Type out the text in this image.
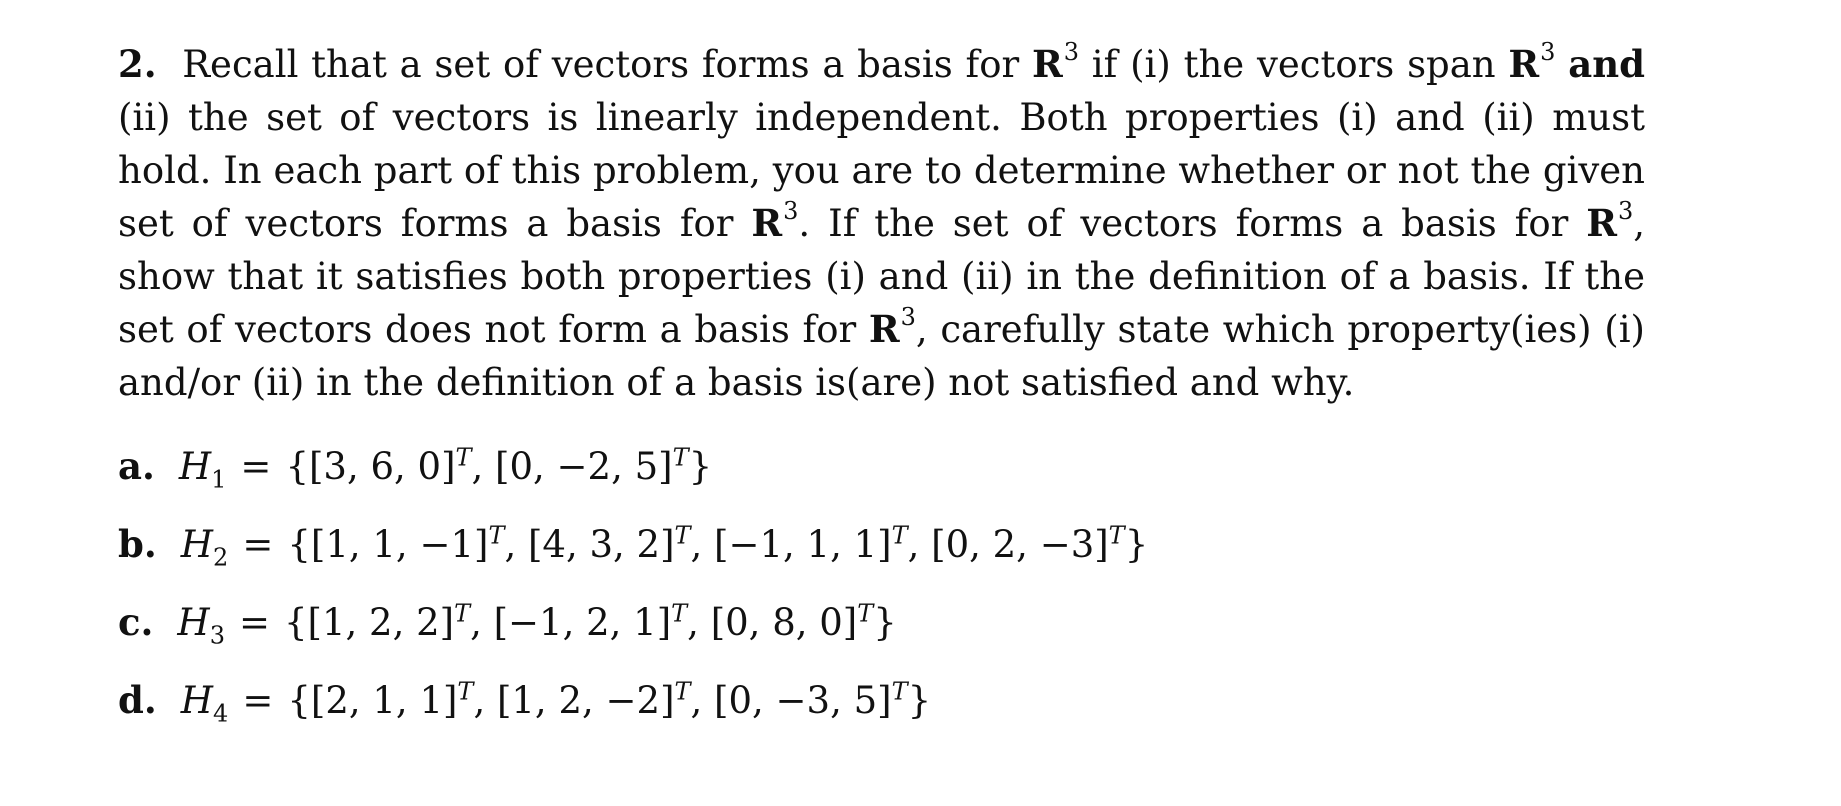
2. Recall that a set of vectors forms a basis for $R^3$ if (i) the vectors span $R^3$ and (ii) the set of vectors is linearly independent. Both properties (i) and (ii) must hold. In each part of this problem, you are to determine whether or not the given set of vectors forms a basis for $R^3$. If the set of vectors forms a basis for $R^3$, show that it satisfies both properties (i) and (ii) in the definition of a basis. If the set of vectors does not form a basis for $R^3$, carefully state which property(ies) (i) and/or (ii) in the definition of a basis is(are) not satisfied and why.

a. $H_1 = \{[3$, 6, 0]$^T$, [0, −2, 5]$^T$}
b. $H_2 = \{[1$, 1, −1]$^T$, [4, 3, 2]$^T$, [−1, 1, 1]$^T$, [0, 2, −3]$^T$}
c. $H_3 = \{[1$, 2, 2]$^T$, [−1, 2, 1]$^T$, [0, 8, 0]$^T$}
d. $H_4 = \{[2$, 1, 1]$^T$, [1, 2, −2]$^T$, [0, −3, 5]$^T$}
